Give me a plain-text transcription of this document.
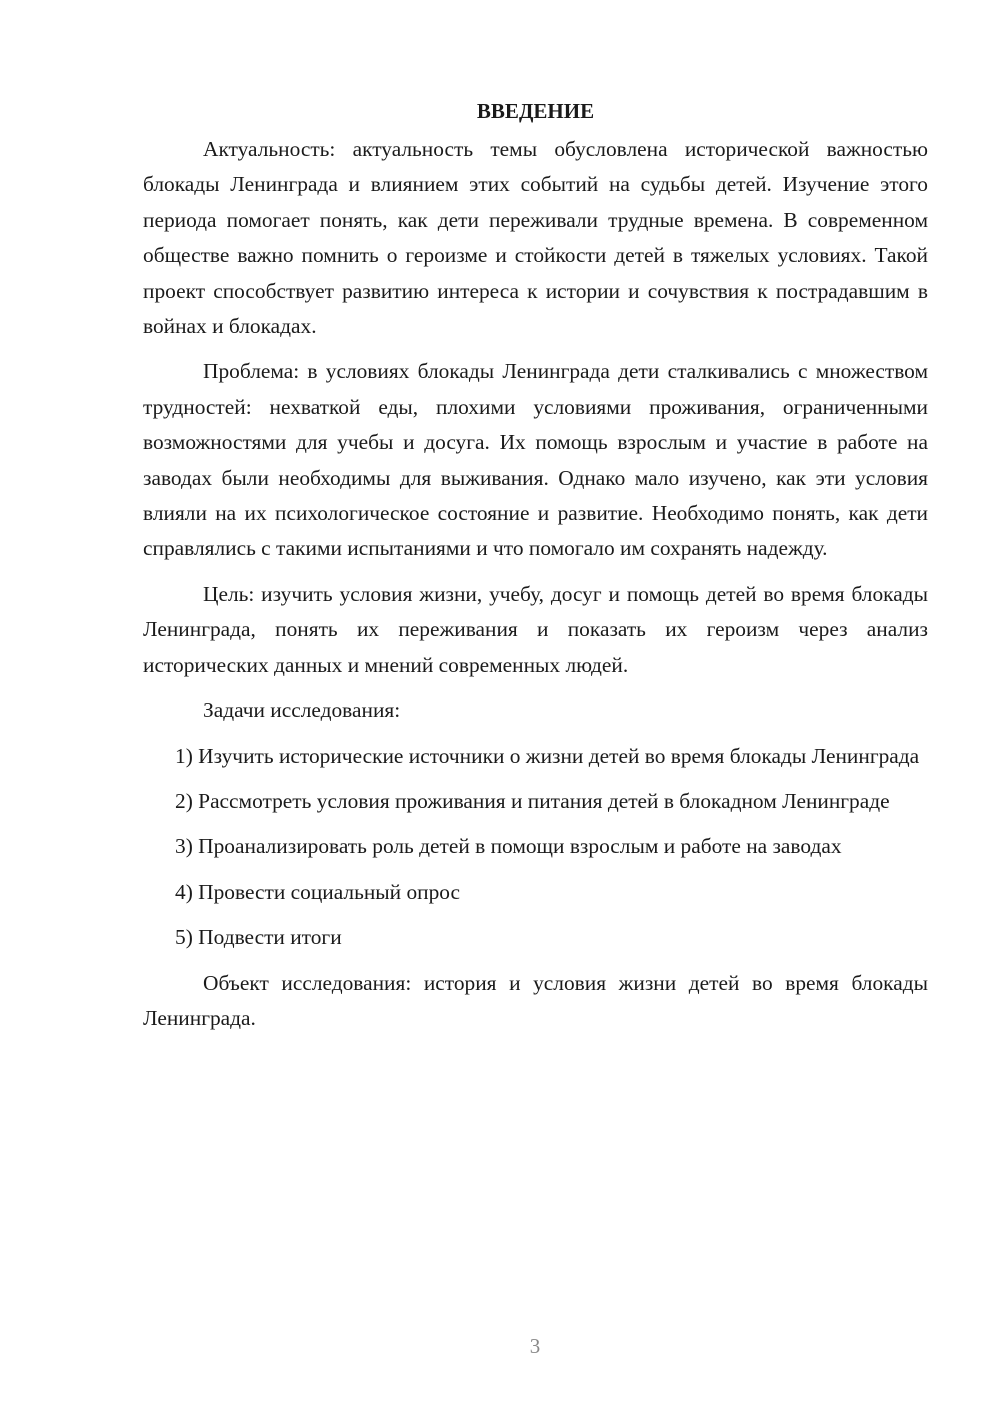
ВВЕДЕНИЕ

Актуальность: актуальность темы обусловлена исторической важностью блокады Ленинграда и влиянием этих событий на судьбы детей. Изучение этого периода помогает понять, как дети переживали трудные времена. В современном обществе важно помнить о героизме и стойкости детей в тяжелых условиях. Такой проект способствует развитию интереса к истории и сочувствия к пострадавшим в войнах и блокадах.

Проблема: в условиях блокады Ленинграда дети сталкивались с множеством трудностей: нехваткой еды, плохими условиями проживания, ограниченными возможностями для учебы и досуга. Их помощь взрослым и участие в работе на заводах были необходимы для выживания. Однако мало изучено, как эти условия влияли на их психологическое состояние и развитие. Необходимо понять, как дети справлялись с такими испытаниями и что помогало им сохранять надежду.

Цель: изучить условия жизни, учебу, досуг и помощь детей во время блокады Ленинграда, понять их переживания и показать их героизм через анализ исторических данных и мнений современных людей.

Задачи исследования:

1) Изучить исторические источники о жизни детей во время блокады Ленинграда

2) Рассмотреть условия проживания и питания детей в блокадном Ленинграде

3) Проанализировать роль детей в помощи взрослым и работе на заводах

4) Провести социальный опрос

5) Подвести итоги

Объект исследования: история и условия жизни детей во время блокады Ленинграда.

3
